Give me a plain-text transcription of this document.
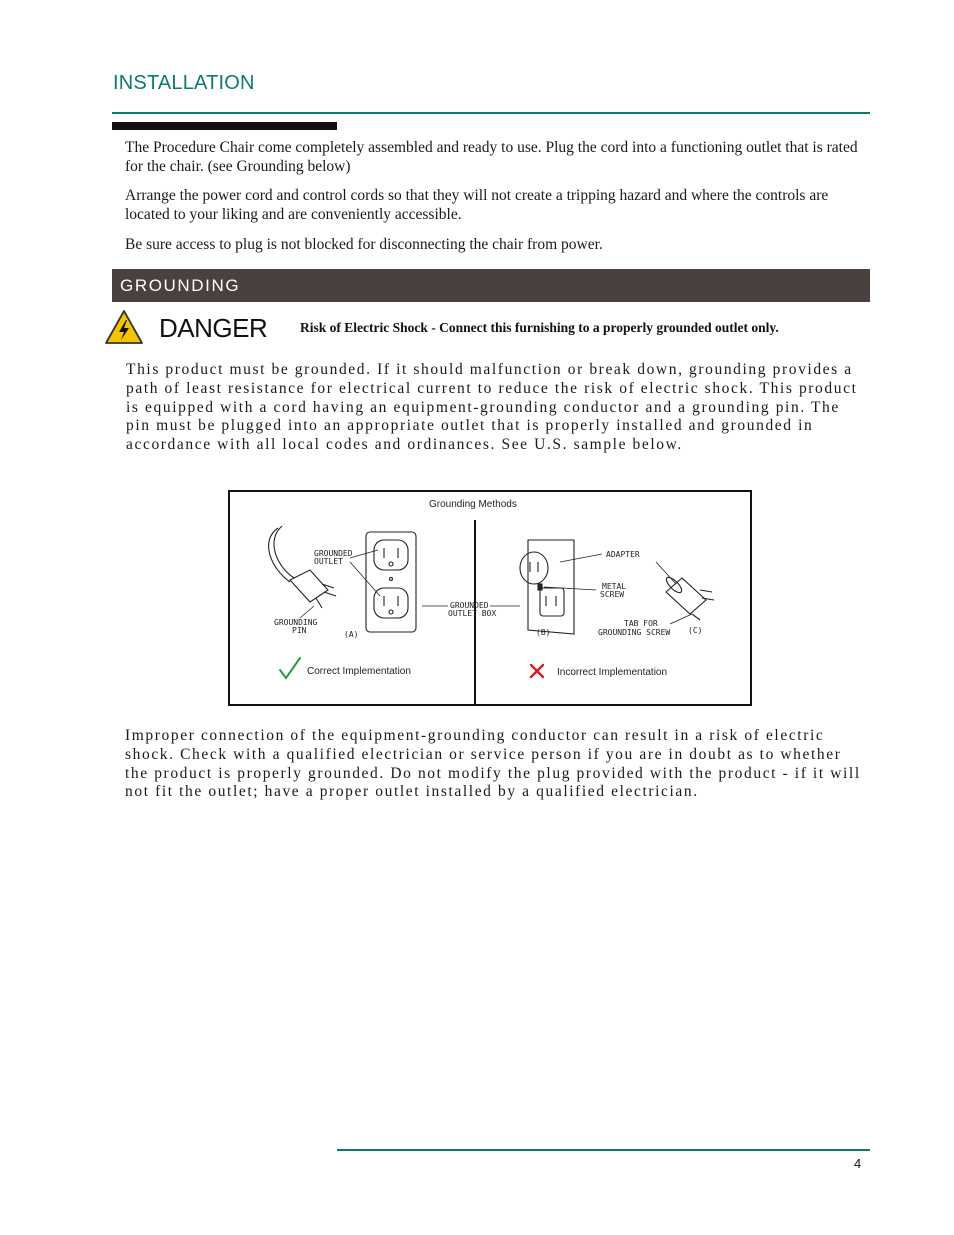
INSTALLATION

The Procedure Chair come completely assembled and ready to use. Plug the cord into a functioning outlet that is rated for the chair. (see Grounding below)

Arrange the power cord and control cords so that they will not create a tripping hazard and where the controls are located to your liking and are conveniently accessible.

Be sure access to plug is not blocked for disconnecting the chair from power.

GROUNDING
DANGER Risk of Electric Shock - Connect this furnishing to a properly grounded outlet only.

This product must be grounded. If it should malfunction or break down, grounding provides a path of least resistance for electrical current to reduce the risk of electric shock. This product is equipped with a cord having an equipment-grounding conductor and a grounding pin. The pin must be plugged into an appropriate outlet that is properly installed and grounded in accordance with all local codes and ordinances. See U.S. sample below.

Grounding Methods
GROUNDED
OUTLET
GROUNDING
PIN	(A)
GROUNDED
OUTLET BOX
ADAPTER
METAL
SCREW
TAB FOR
GROUNDING SCREW
(B)	(C)
Correct Implementation	Incorrect Implementation

Improper connection of the equipment-grounding conductor can result in a risk of electric shock. Check with a qualified electrician or service person if you are in doubt as to whether the product is properly grounded. Do not modify the plug provided with the product - if it will not fit the outlet; have a proper outlet installed by a qualified electrician.

4
